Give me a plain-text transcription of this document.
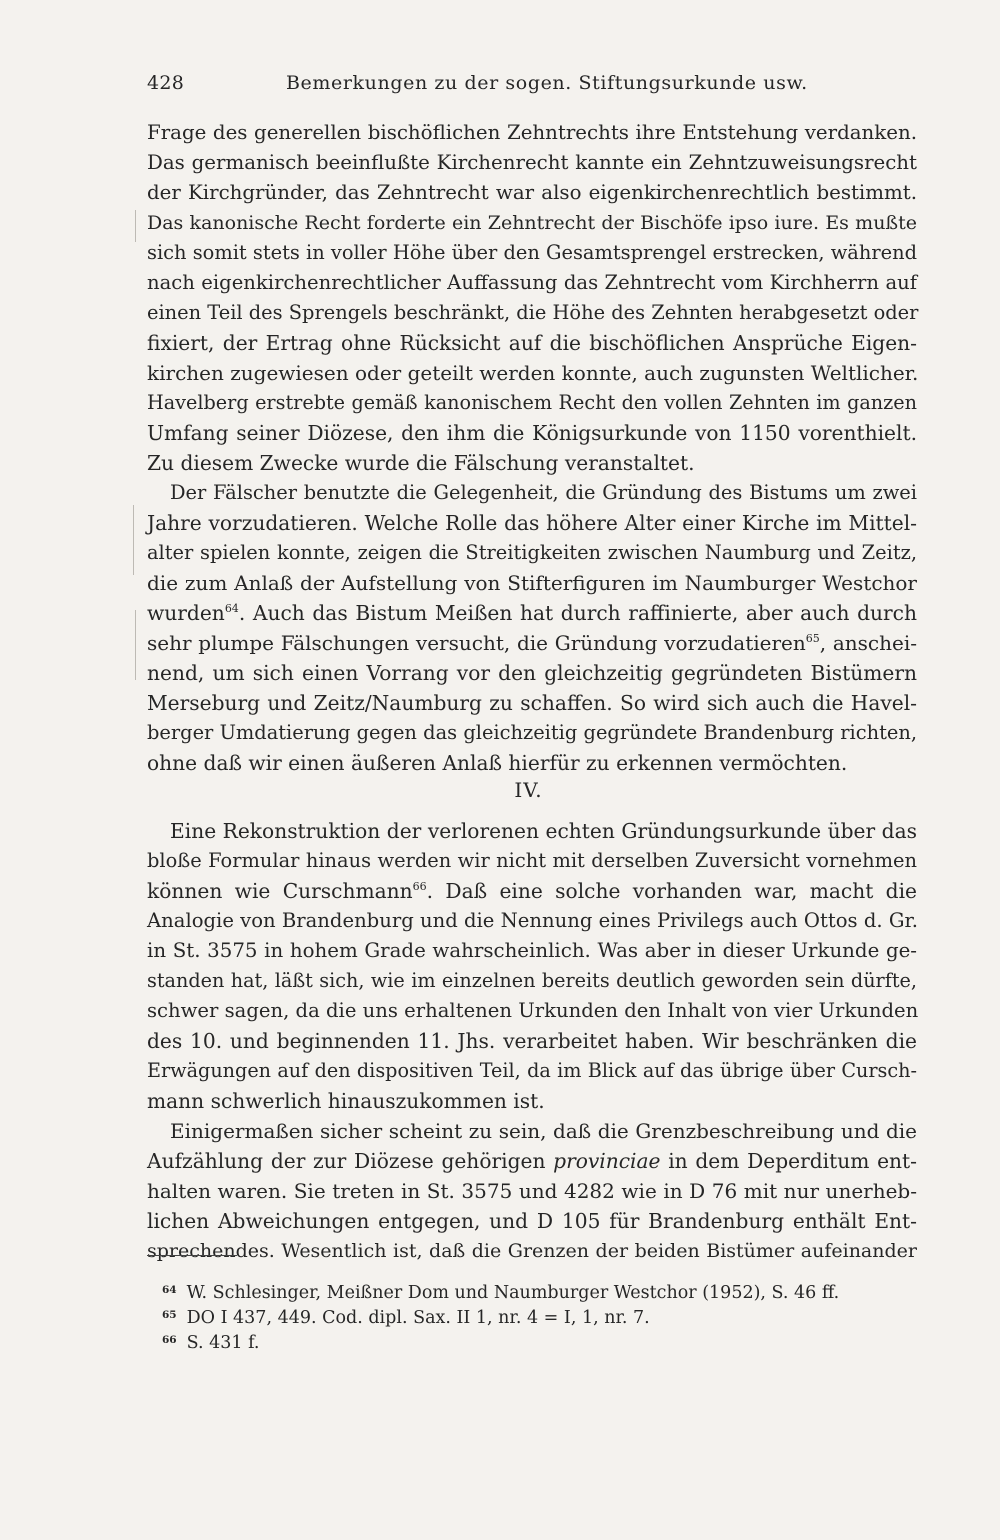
428	Bemerkungen zu der sogen. Stiftungsurkunde usw.
Frage des generellen bischöflichen Zehntrechts ihre Entstehung verdanken.
Das germanisch beeinflußte Kirchenrecht kannte ein Zehntzuweisungsrecht
der Kirchgründer, das Zehntrecht war also eigenkirchenrechtlich bestimmt.
Das kanonische Recht forderte ein Zehntrecht der Bischöfe ipso iure. Es mußte
sich somit stets in voller Höhe über den Gesamtsprengel erstrecken, während
nach eigenkirchenrechtlicher Auffassung das Zehntrecht vom Kirchherrn auf
einen Teil des Sprengels beschränkt, die Höhe des Zehnten herabgesetzt oder
fixiert, der Ertrag ohne Rücksicht auf die bischöflichen Ansprüche Eigen-
kirchen zugewiesen oder geteilt werden konnte, auch zugunsten Weltlicher.
Havelberg erstrebte gemäß kanonischem Recht den vollen Zehnten im ganzen
Umfang seiner Diözese, den ihm die Königsurkunde von 1150 vorenthielt.
Zu diesem Zwecke wurde die Fälschung veranstaltet.
Der Fälscher benutzte die Gelegenheit, die Gründung des Bistums um zwei
Jahre vorzudatieren. Welche Rolle das höhere Alter einer Kirche im Mittel-
alter spielen konnte, zeigen die Streitigkeiten zwischen Naumburg und Zeitz,
die zum Anlaß der Aufstellung von Stifterfiguren im Naumburger Westchor
wurden$^{64}$. Auch das Bistum Meißen hat durch raffinierte, aber auch durch
sehr plumpe Fälschungen versucht, die Gründung vorzudatieren$^{65}$, anschei-
nend, um sich einen Vorrang vor den gleichzeitig gegründeten Bistümern
Merseburg und Zeitz/Naumburg zu schaffen. So wird sich auch die Havel-
berger Umdatierung gegen das gleichzeitig gegründete Brandenburg richten,
ohne daß wir einen äußeren Anlaß hierfür zu erkennen vermöchten.
IV.
Eine Rekonstruktion der verlorenen echten Gründungsurkunde über das
bloße Formular hinaus werden wir nicht mit derselben Zuversicht vornehmen
können wie Curschmann$^{66}$. Daß eine solche vorhanden war, macht die
Analogie von Brandenburg und die Nennung eines Privilegs auch Ottos d. Gr.
in St. 3575 in hohem Grade wahrscheinlich. Was aber in dieser Urkunde ge-
standen hat, läßt sich, wie im einzelnen bereits deutlich geworden sein dürfte,
schwer sagen, da die uns erhaltenen Urkunden den Inhalt von vier Urkunden
des 10. und beginnenden 11. Jhs. verarbeitet haben. Wir beschränken die
Erwägungen auf den dispositiven Teil, da im Blick auf das übrige über Cursch-
mann schwerlich hinauszukommen ist.
Einigermaßen sicher scheint zu sein, daß die Grenzbeschreibung und die
Aufzählung der zur Diözese gehörigen provinciae in dem Deperditum ent-
halten waren. Sie treten in St. 3575 und 4282 wie in D 76 mit nur unerheb-
lichen Abweichungen entgegen, und D 105 für Brandenburg enthält Ent-
sprechendes. Wesentlich ist, daß die Grenzen der beiden Bistümer aufeinander
$^{64}$ W. Schlesinger, Meißner Dom und Naumburger Westchor (1952), S. 46 ff.
$^{65}$ DO I 437, 449. Cod. dipl. Sax. II 1, nr. 4 = I, 1, nr. 7.
$^{66}$ S. 431 f.
